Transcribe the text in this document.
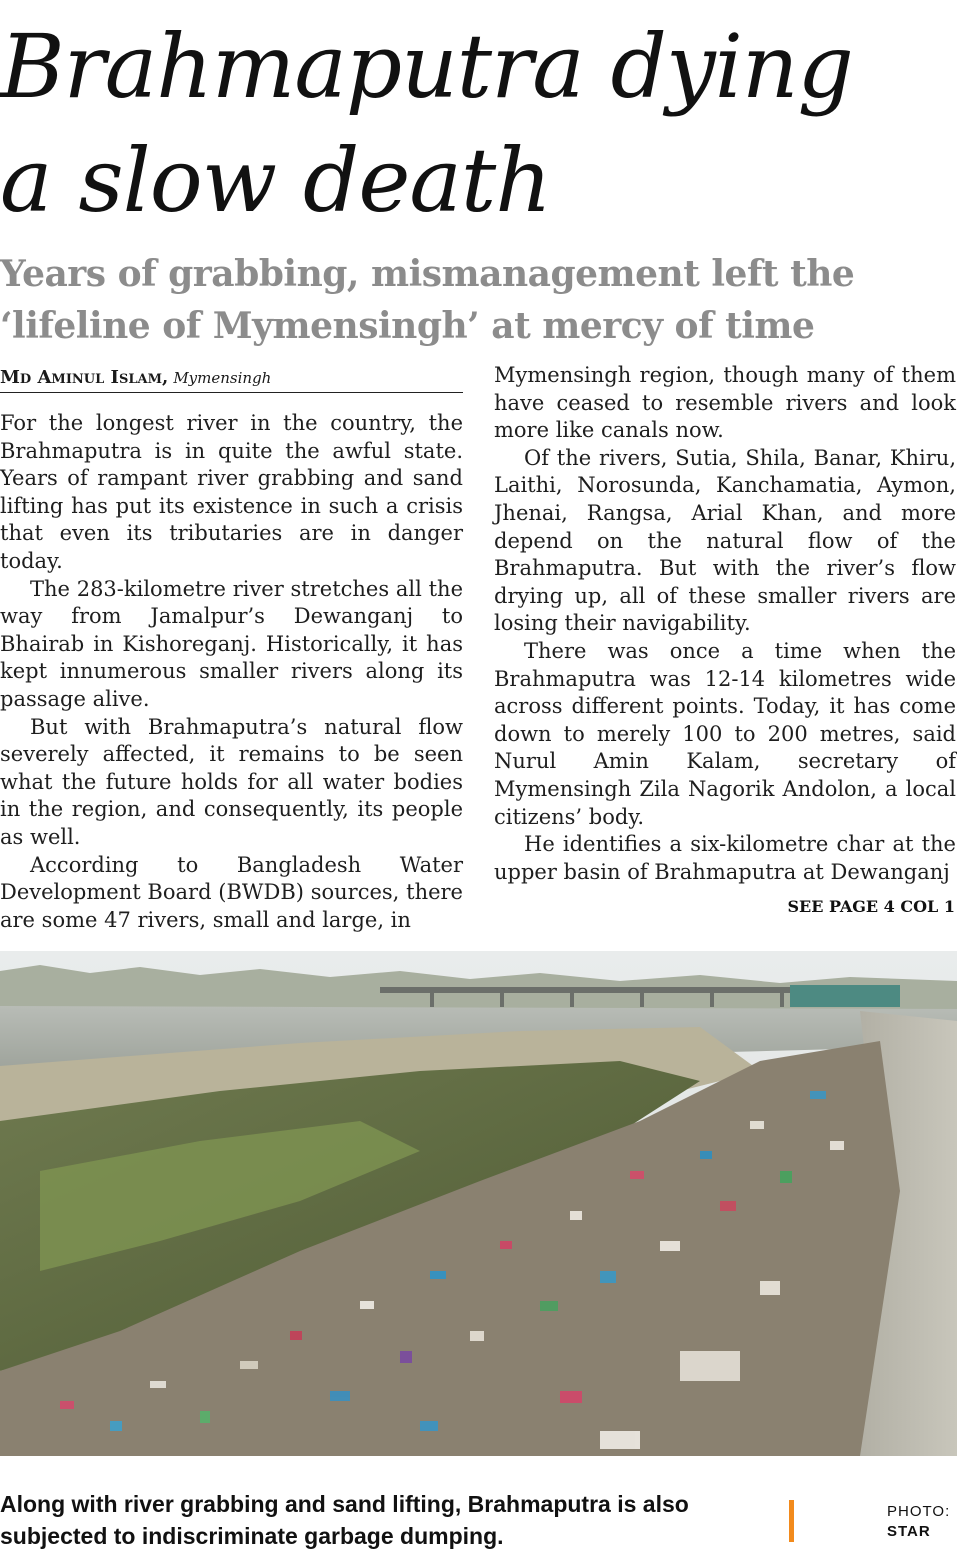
Brahmaputra dying
a slow death
Years of grabbing, mismanagement left the
‘lifeline of Mymensingh’ at mercy of time
Md Aminul Islam, Mymensingh

For the longest river in the country, the Brahmaputra is in quite the awful state. Years of rampant river grabbing and sand lifting has put its existence in such a crisis that even its tributaries are in danger today.

The 283-kilometre river stretches all the way from Jamalpur’s Dewanganj to Bhairab in Kishoreganj. Historically, it has kept innumerous smaller rivers along its passage alive.

But with Brahmaputra’s natural flow severely affected, it remains to be seen what the future holds for all water bodies in the region, and consequently, its people as well.

According to Bangladesh Water Development Board (BWDB) sources, there are some 47 rivers, small and large, in

Mymensingh region, though many of them have ceased to resemble rivers and look more like canals now.

Of the rivers, Sutia, Shila, Banar, Khiru, Laithi, Norosunda, Kanchamatia, Aymon, Jhenai, Rangsa, Arial Khan, and more depend on the natural flow of the Brahmaputra. But with the river’s flow drying up, all of these smaller rivers are losing their navigability.

There was once a time when the Brahmaputra was 12-14 kilometres wide across different points. Today, it has come down to merely 100 to 200 metres, said Nurul Amin Kalam, secretary of Mymensingh Zila Nagorik Andolon, a local citizens’ body.

He identifies a six-kilometre char at the upper basin of Brahmaputra at Dewanganj

SEE PAGE 4 COL 1
Along with river grabbing and sand lifting, Brahmaputra is also subjected to indiscriminate garbage dumping.
PHOTO:
STAR
